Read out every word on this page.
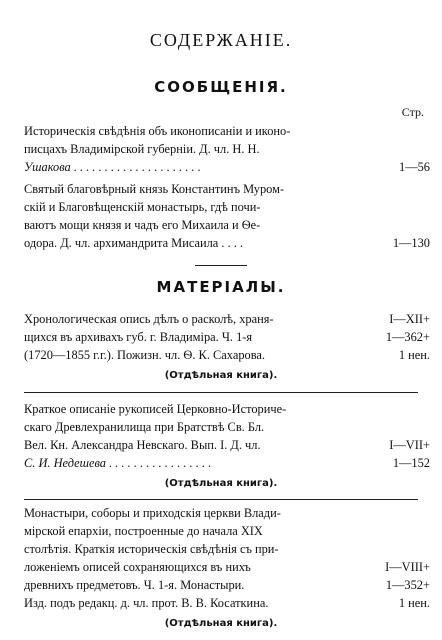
СОДЕРЖАНІЕ.
СООБЩЕНІЯ.
Стр.
Историческія свѣдѣнія объ иконописаніи и иконо-
писцахъ Владимірской губерніи. Д. чл. Н. Н.
Ушакова . . . . . . . . . . . . . . . . . . . . .	1—56
Святый благовѣрный князь Константинъ Муром-
скій и Благовѣщенскій монастырь, гдѣ почи-
ваютъ мощи князя и чадъ его Михаила и Ѳе-
одора. Д. чл. архимандрита Мисаила . . . .	1—130
МАТЕРІАЛЫ.
Хронологическая опись дѣлъ о расколѣ, храня-
щихся въ архивахъ губ. г. Владиміра. Ч. 1-я
(1720—1855 г.г.). Пожизн. чл. Ѳ. К. Сахарова.
I—XII+
1—362+
1 нен.
(Отдѣльная книга).
Краткое описаніе рукописей Церковно-Историче-
скаго Древлехранилища при Братствѣ Св. Бл.
Вел. Кн. Александра Невскаго. Вып. I. Д. чл.
С. И. Недешева . . . . . . . . . . . . . . . . .
I—VII+
1—152
(Отдѣльная книга).
Монастыри, соборы и приходскія церкви Влади-
мірской епархіи, построенные до начала XIX
столѣтія. Краткія историческія свѣдѣнія съ при-
ложеніемъ описей сохраняющихся въ нихъ
древнихъ предметовъ. Ч. 1-я. Монастыри.
Изд. подъ редакц. д. чл. прот. В. В. Косаткина.
I—VIII+
1—352+
1 нен.
(Отдѣльная книга).
